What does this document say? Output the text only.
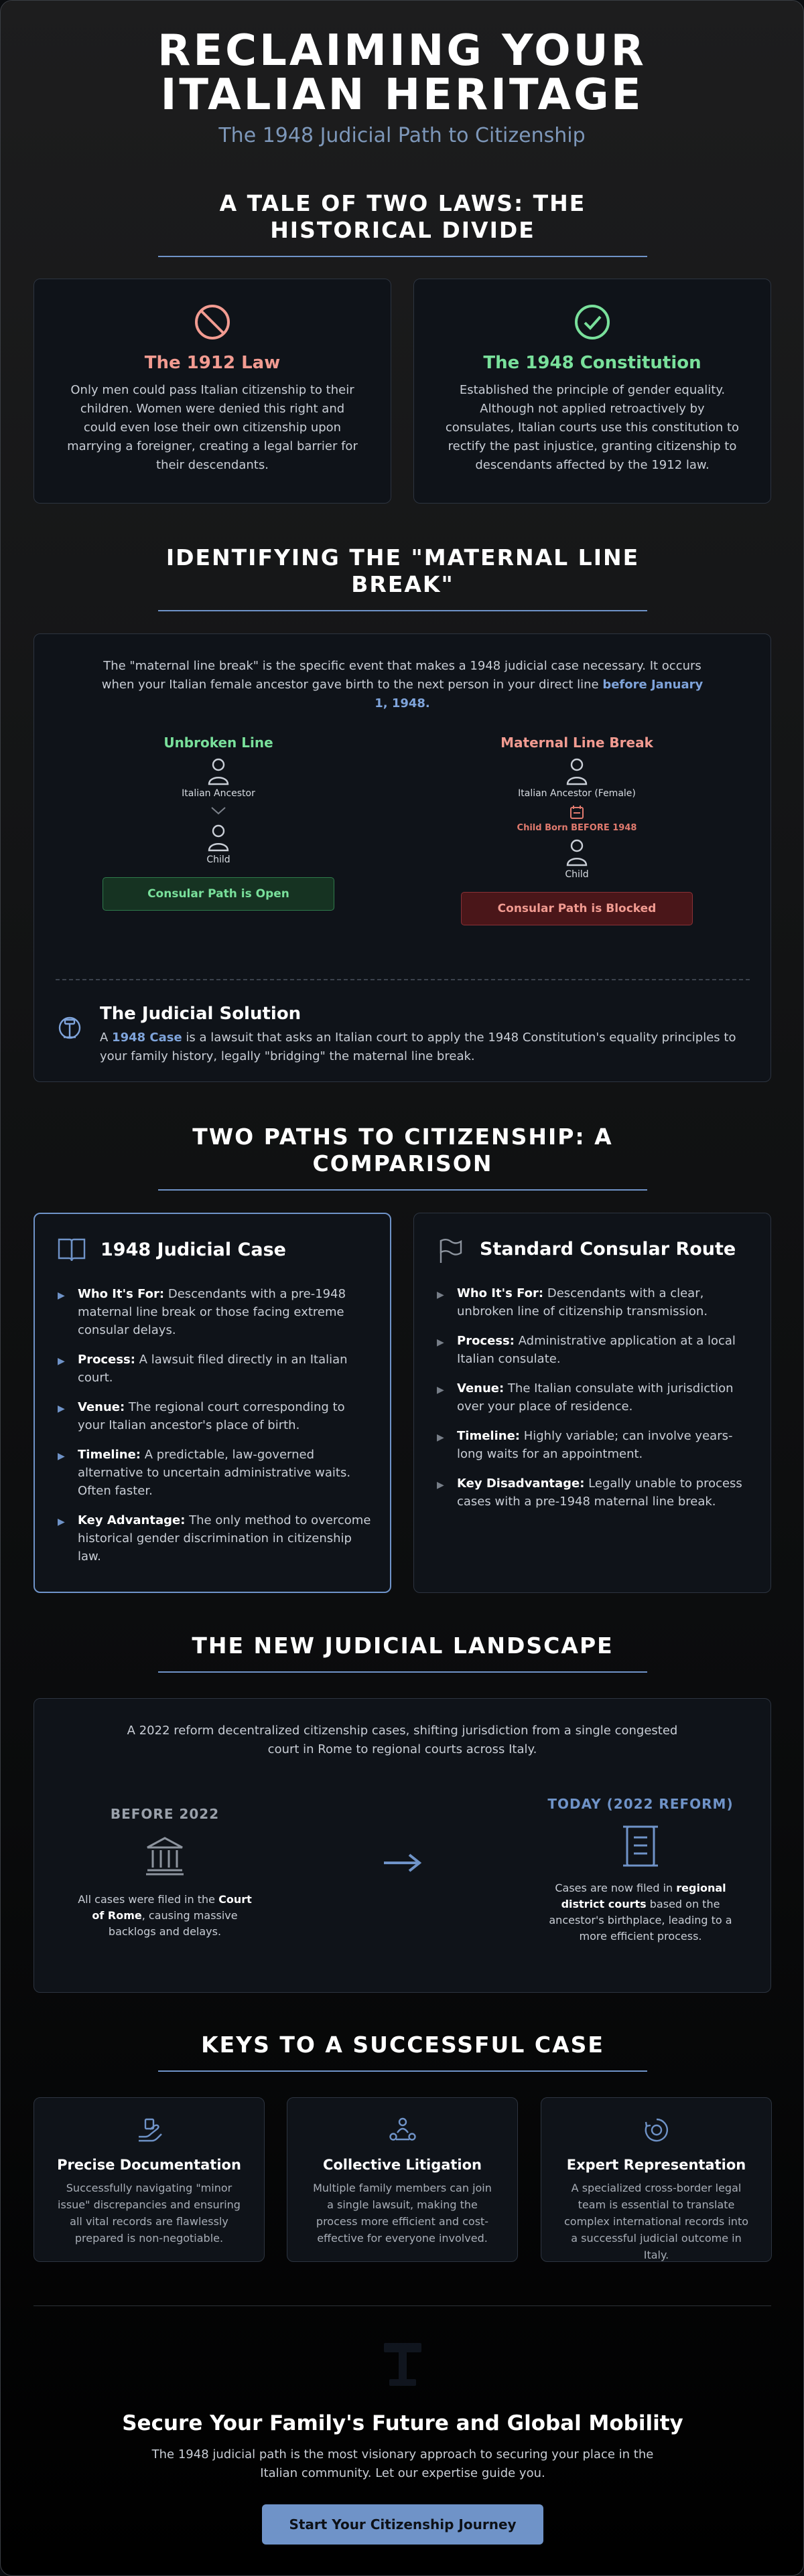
RECLAIMING YOUR ITALIAN HERITAGE
The 1948 Judicial Path to Citizenship
A TALE OF TWO LAWS: THE HISTORICAL DIVIDE
The 1912 Law
Only men could pass Italian citizenship to their children. Women were denied this right and could even lose their own citizenship upon marrying a foreigner, creating a legal barrier for their descendants.
The 1948 Constitution
Established the principle of gender equality. Although not applied retroactively by consulates, Italian courts use this constitution to rectify the past injustice, granting citizenship to descendants affected by the 1912 law.
IDENTIFYING THE "MATERNAL LINE BREAK"
The "maternal line break" is the specific event that makes a 1948 judicial case necessary. It occurs when your Italian female ancestor gave birth to the next person in your direct line before January 1, 1948.
Unbroken Line
Italian Ancestor
Child
Consular Path is Open
Maternal Line Break
Italian Ancestor (Female)
Child Born BEFORE 1948
Child
Consular Path is Blocked
The Judicial Solution
A 1948 Case is a lawsuit that asks an Italian court to apply the 1948 Constitution's equality principles to your family history, legally "bridging" the maternal line break.
TWO PATHS TO CITIZENSHIP: A COMPARISON
1948 Judicial Case
▶ Who It's For: Descendants with a pre-1948 maternal line break or those facing extreme consular delays.
▶ Process: A lawsuit filed directly in an Italian court.
▶ Venue: The regional court corresponding to your Italian ancestor's place of birth.
▶ Timeline: A predictable, law-governed alternative to uncertain administrative waits. Often faster.
▶ Key Advantage: The only method to overcome historical gender discrimination in citizenship law.
Standard Consular Route
▶ Who It's For: Descendants with a clear, unbroken line of citizenship transmission.
▶ Process: Administrative application at a local Italian consulate.
▶ Venue: The Italian consulate with jurisdiction over your place of residence.
▶ Timeline: Highly variable; can involve years-long waits for an appointment.
▶ Key Disadvantage: Legally unable to process cases with a pre-1948 maternal line break.
THE NEW JUDICIAL LANDSCAPE
A 2022 reform decentralized citizenship cases, shifting jurisdiction from a single congested court in Rome to regional courts across Italy.
BEFORE 2022
All cases were filed in the Court of Rome, causing massive backlogs and delays.
TODAY (2022 REFORM)
Cases are now filed in regional district courts based on the ancestor's birthplace, leading to a more efficient process.
KEYS TO A SUCCESSFUL CASE
Precise Documentation
Successfully navigating "minor issue" discrepancies and ensuring all vital records are flawlessly prepared is non-negotiable.
Collective Litigation
Multiple family members can join a single lawsuit, making the process more efficient and cost-effective for everyone involved.
Expert Representation
A specialized cross-border legal team is essential to translate complex international records into a successful judicial outcome in Italy.
Secure Your Family's Future and Global Mobility
The 1948 judicial path is the most visionary approach to securing your place in the Italian community. Let our expertise guide you.
Start Your Citizenship Journey
